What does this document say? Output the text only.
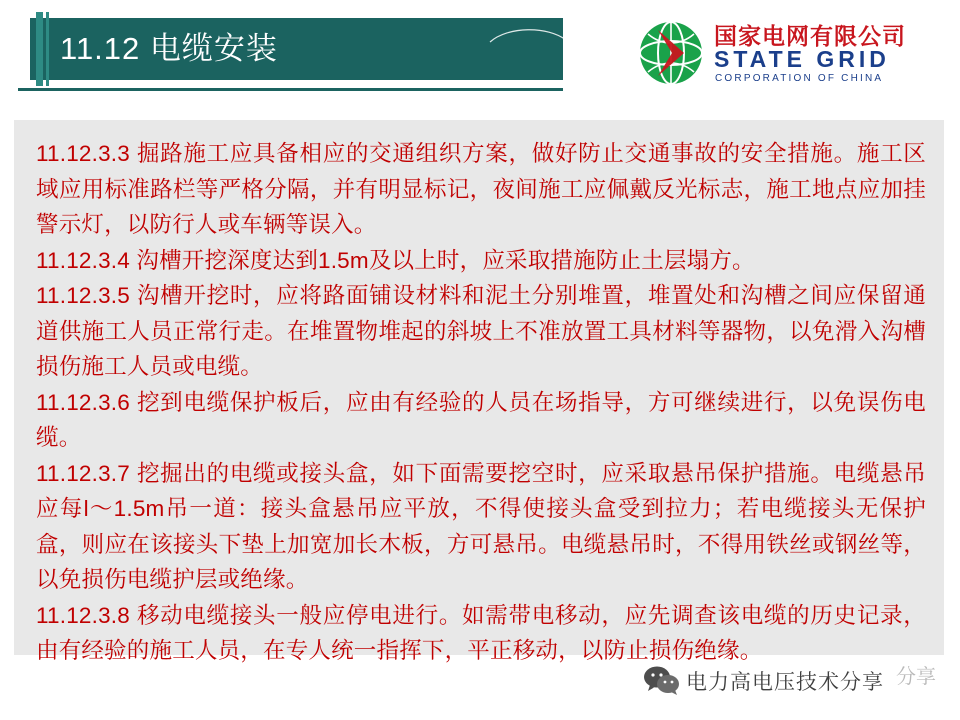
11.12 电缆安装	国家电网有限公司
STATE GRID
CORPORATION OF CHINA

11.12.3.3 掘路施工应具备相应的交通组织方案，做好防止交通事故的安全措施。施工区域应用标准路栏等严格分隔，并有明显标记，夜间施工应佩戴反光标志，施工地点应加挂警示灯，以防行人或车辆等误入。

11.12.3.4 沟槽开挖深度达到1.5m及以上时，应采取措施防止土层塌方。

11.12.3.5 沟槽开挖时，应将路面铺设材料和泥土分别堆置，堆置处和沟槽之间应保留通道供施工人员正常行走。在堆置物堆起的斜坡上不准放置工具材料等器物，以免滑入沟槽损伤施工人员或电缆。

11.12.3.6 挖到电缆保护板后，应由有经验的人员在场指导，方可继续进行，以免误伤电缆。

11.12.3.7 挖掘出的电缆或接头盒，如下面需要挖空时，应采取悬吊保护措施。电缆悬吊应每l～1.5m吊一道：接头盒悬吊应平放，不得使接头盒受到拉力；若电缆接头无保护盒，则应在该接头下垫上加宽加长木板，方可悬吊。电缆悬吊时，不得用铁丝或钢丝等，以免损伤电缆护层或绝缘。

11.12.3.8 移动电缆接头一般应停电进行。如需带电移动，应先调查该电缆的历史记录，由有经验的施工人员，在专人统一指挥下，平正移动，以防止损伤绝缘。

分享
电力高电压技术分享
